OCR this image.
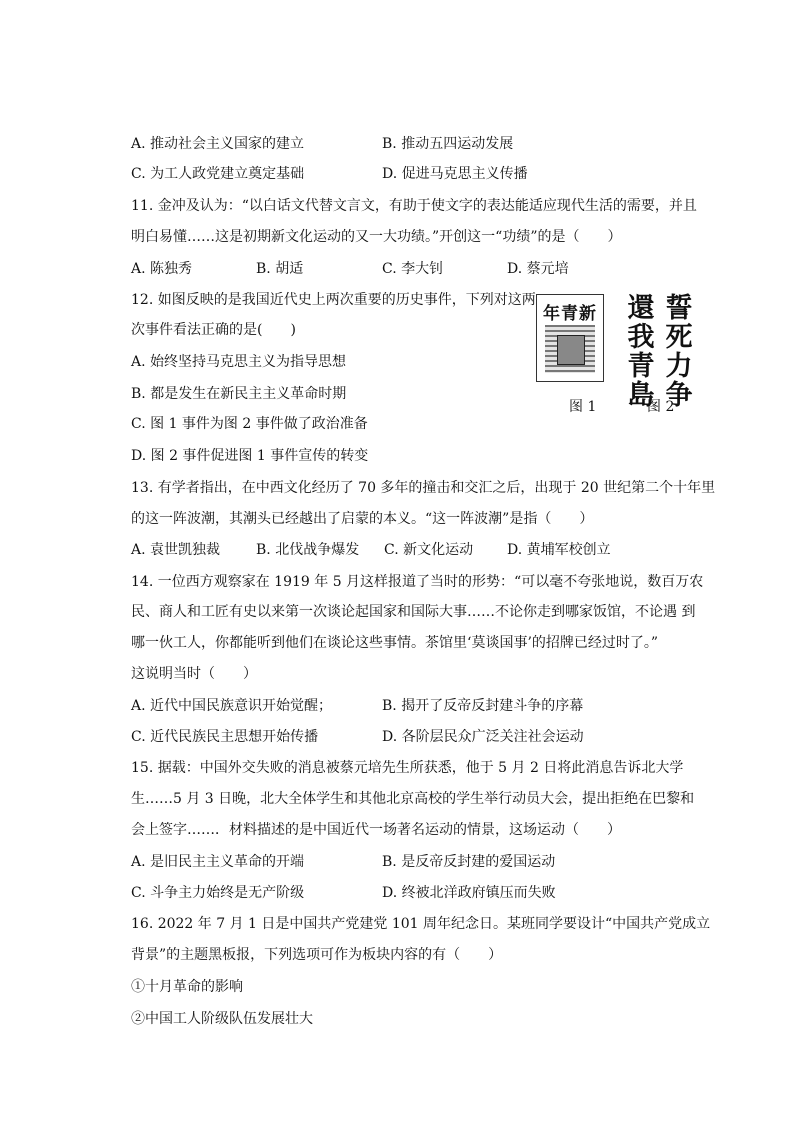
A. 推动社会主义国家的建立	B. 推动五四运动发展
C. 为工人政党建立奠定基础	D. 促进马克思主义传播
11. 金冲及认为：“以白话文代替文言文，有助于使文字的表达能适应现代生活的需要，并且
明白易懂……这是初期新文化运动的又一大功绩。”开创这一“功绩”的是（　　）
A. 陈独秀	B. 胡适	C. 李大钊	D. 蔡元培
12. 如图反映的是我国近代史上两次重要的历史事件，下列对这两
次事件看法正确的是(　　)
A. 始终坚持马克思主义为指导思想
B. 都是发生在新民主主义革命时期
C. 图 1 事件为图 2 事件做了政治准备
D. 图 2 事件促进图 1 事件宣传的转变
年青新	誓
死
力
争
還
我
青
島
图 1	图 2
13. 有学者指出，在中西文化经历了 70 多年的撞击和交汇之后，出现于 20 世纪第二个十年里
的这一阵波潮，其潮头已经越出了启蒙的本义。“这一阵波潮”是指（　　）
A. 袁世凯独裁	B. 北伐战争爆发 C. 新文化运动 D. 黄埔军校创立
14. 一位西方观察家在 1919 年 5 月这样报道了当时的形势：“可以毫不夸张地说，数百万农
民、商人和工匠有史以来第一次谈论起国家和国际大事……不论你走到哪家饭馆，不论遇 到
哪一伙工人，你都能听到他们在谈论这些事情。茶馆里‘莫谈国事’的招牌已经过时了。”
这说明当时（　　）
A. 近代中国民族意识开始觉醒；	B. 揭开了反帝反封建斗争的序幕
C. 近代民族民主思想开始传播	D. 各阶层民众广泛关注社会运动
15. 据载：中国外交失败的消息被蔡元培先生所获悉，他于 5 月 2 日将此消息告诉北大学
生……5 月 3 日晚，北大全体学生和其他北京高校的学生举行动员大会，提出拒绝在巴黎和
会上签字……．材料描述的是中国近代一场著名运动的情景，这场运动（　　）
A. 是旧民主主义革命的开端	B. 是反帝反封建的爱国运动
C. 斗争主力始终是无产阶级	D. 终被北洋政府镇压而失败
16. 2022 年 7 月 1 日是中国共产党建党 101 周年纪念日。某班同学要设计“中国共产党成立
背景”的主题黑板报，下列选项可作为板块内容的有（　　）
①十月革命的影响
②中国工人阶级队伍发展壮大
